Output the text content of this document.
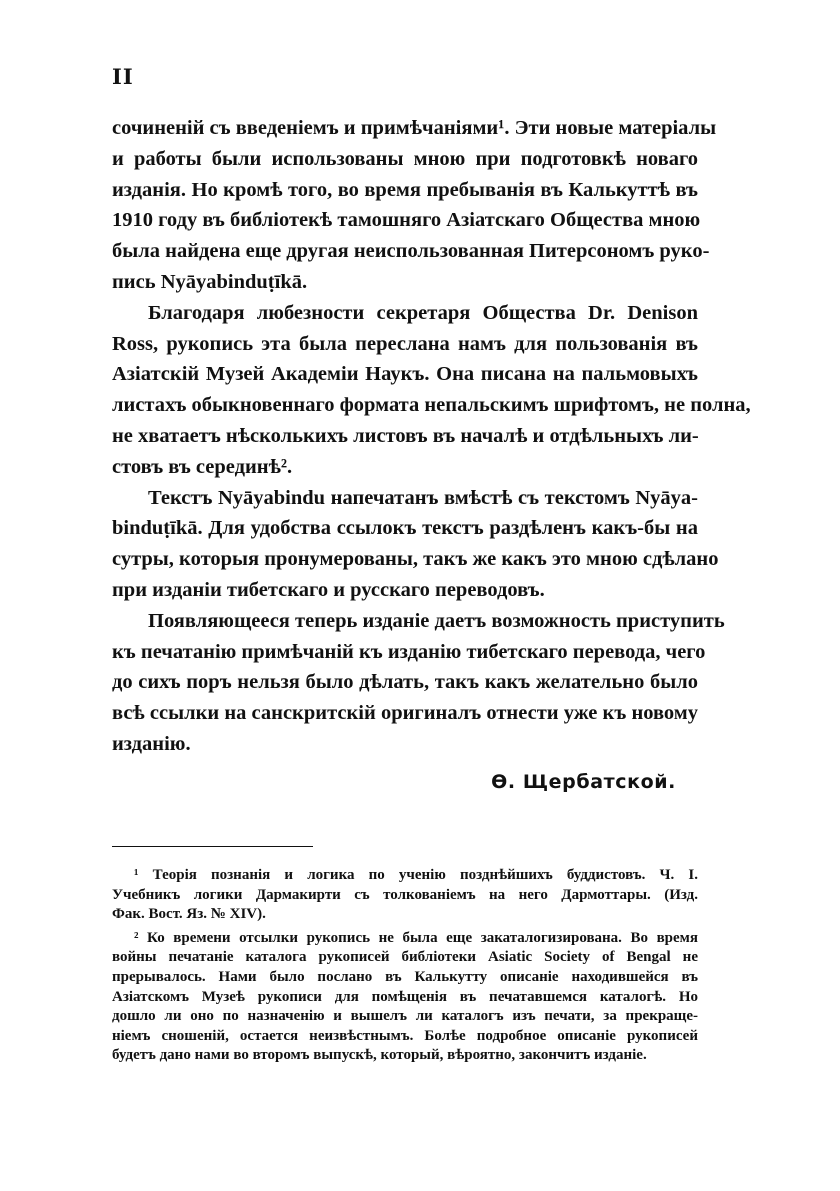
II
сочиненій съ введеніемъ и примѣчаніями¹. Эти новые матеріалы
и работы были использованы мною при подготовкѣ новаго
изданія. Но кромѣ того, во время пребыванія въ Калькуттѣ въ
1910 году въ библіотекѣ тамошняго Азіатскаго Общества мною
была найдена еще другая неиспользованная Питерсономъ руко-
пись Nyāyabinduṭīkā.
Благодаря любезности секретаря Общества Dr. Denison
Ross, рукопись эта была переслана намъ для пользованія въ
Азіатскій Музей Академіи Наукъ. Она писана на пальмовыхъ
листахъ обыкновеннаго формата непальскимъ шрифтомъ, не полна,
не хватаетъ нѣсколькихъ листовъ въ началѣ и отдѣльныхъ ли-
стовъ въ серединѣ².
Текстъ Nyāyabindu напечатанъ вмѣстѣ съ текстомъ Nyāya-
binduṭīkā. Для удобства ссылокъ текстъ раздѣленъ какъ-бы на
сутры, которыя пронумерованы, такъ же какъ это мною сдѣлано
при изданіи тибетскаго и русскаго переводовъ.
Появляющееся теперь изданіе даетъ возможность приступить
къ печатанію примѣчаній къ изданію тибетскаго перевода, чего
до сихъ поръ нельзя было дѣлать, такъ какъ желательно было
всѣ ссылки на санскритскій оригиналъ отнести уже къ новому
изданію.
Ѳ. Щербатской.
¹ Теорія познанія и логика по ученію позднѣйшихъ буддистовъ. Ч. I.
Учебникъ логики Дармакирти съ толкованіемъ на него Дармоттары. (Изд.
Фак. Вост. Яз. № XIV).
² Ко времени отсылки рукопись не была еще закаталогизирована. Во время
войны печатаніе каталога рукописей библіотеки Asiatic Society of Bengal не
прерывалось. Нами было послано въ Калькутту описаніе находившейся въ
Азіатскомъ Музеѣ рукописи для помѣщенія въ печатавшемся каталогѣ. Но
дошло ли оно по назначенію и вышелъ ли каталогъ изъ печати, за прекраще-
ніемъ сношеній, остается неизвѣстнымъ. Болѣе подробное описаніе рукописей
будетъ дано нами во второмъ выпускѣ, который, вѣроятно, закончитъ изданіе.
